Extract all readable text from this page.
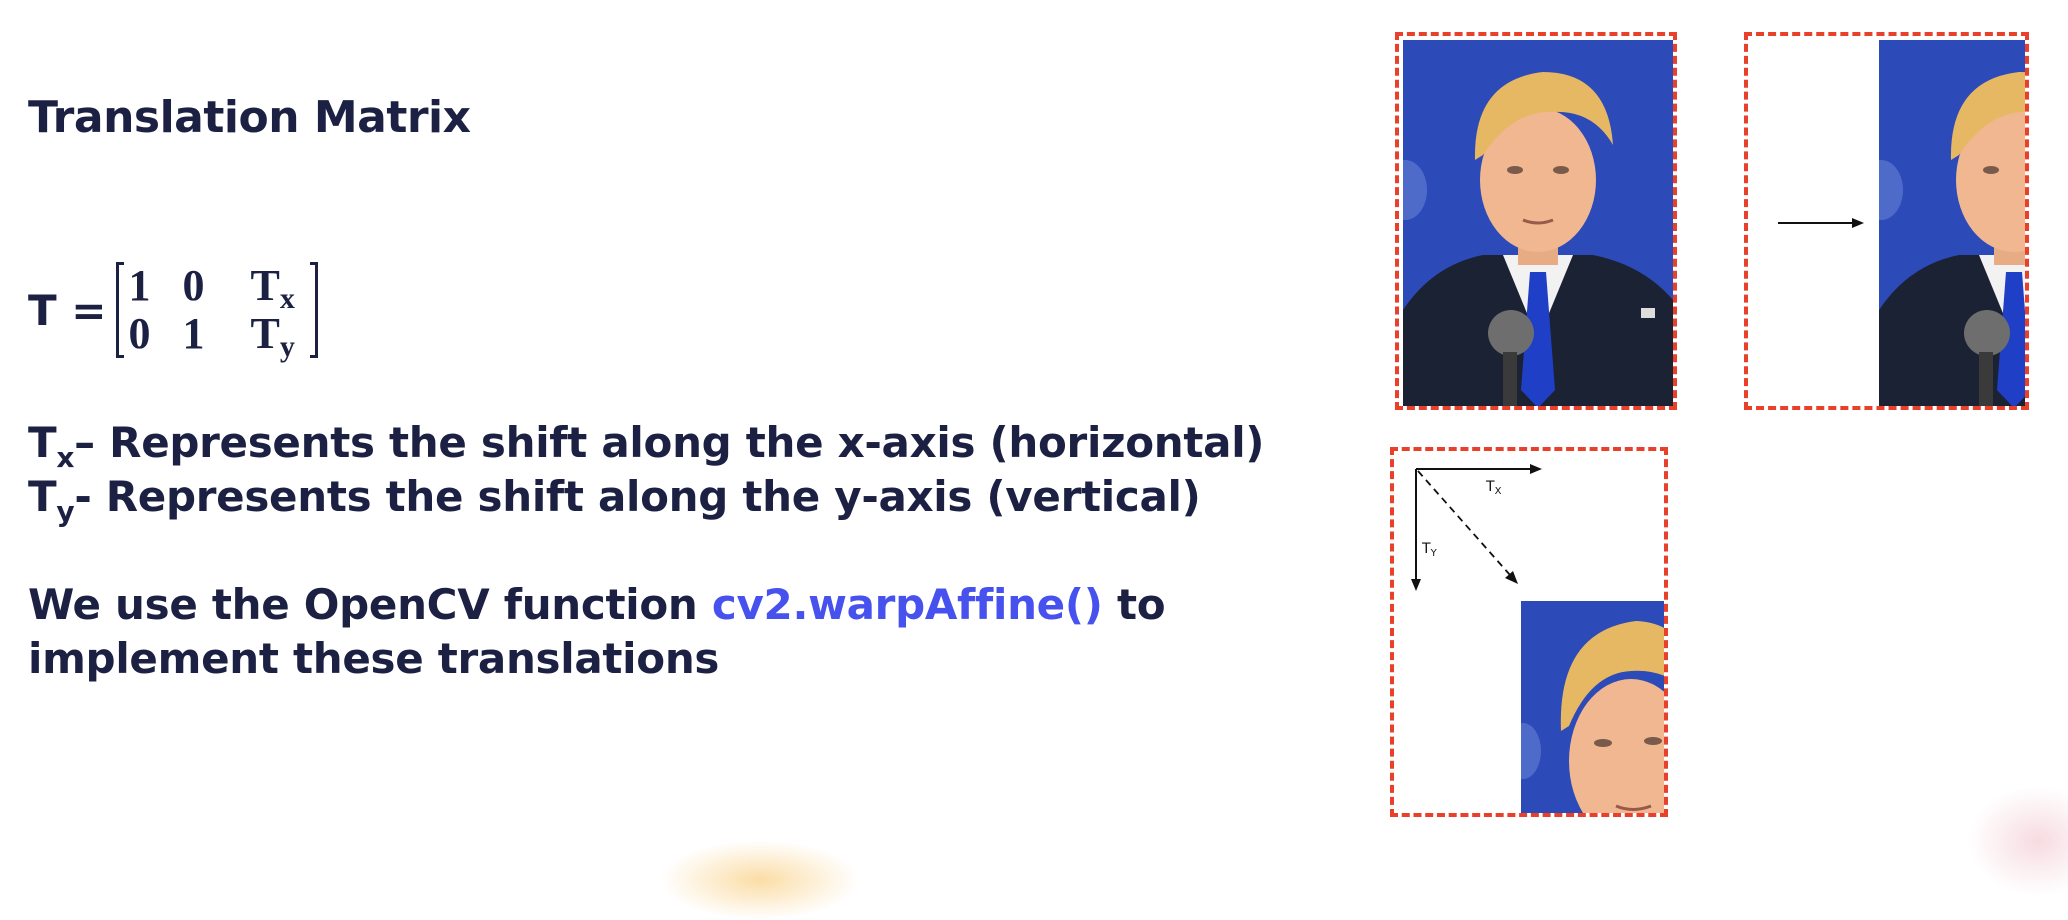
Translation Matrix
T = 1 0	$T_x$
0 1	$T_y$
$T_x-$ Represents the shift along the x-axis (horizontal)
$T_y-$ Represents the shift along the y-axis (vertical)
We use the OpenCV function cv2.warpAffine() to
implement these translations
$T_X$
$T_Y$
